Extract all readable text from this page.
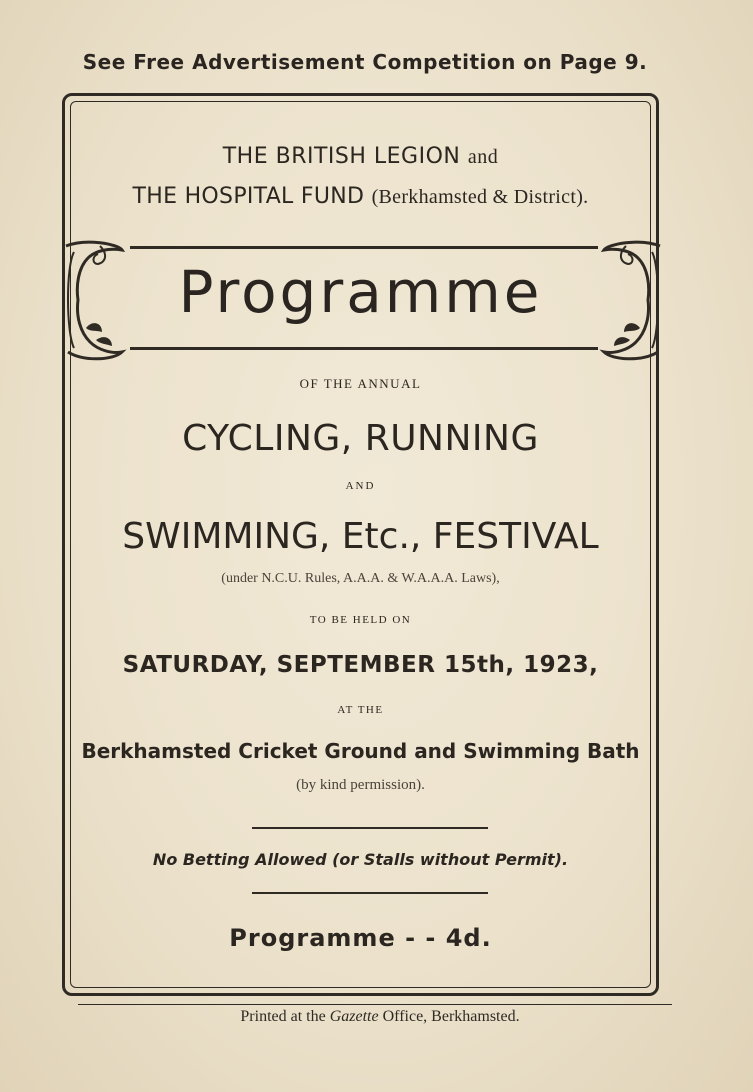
See Free Advertisement Competition on Page 9.
THE BRITISH LEGION and
THE HOSPITAL FUND (Berkhamsted & District).
Programme
OF THE ANNUAL
CYCLING, RUNNING
AND
SWIMMING, Etc., FESTIVAL
(under N.C.U. Rules, A.A.A. & W.A.A.A. Laws),
TO BE HELD ON
SATURDAY, SEPTEMBER 15th, 1923,
AT THE
Berkhamsted Cricket Ground and Swimming Bath
(by kind permission).
No Betting Allowed (or Stalls without Permit).
Programme - - 4d.
Printed at the Gazette Office, Berkhamsted.
